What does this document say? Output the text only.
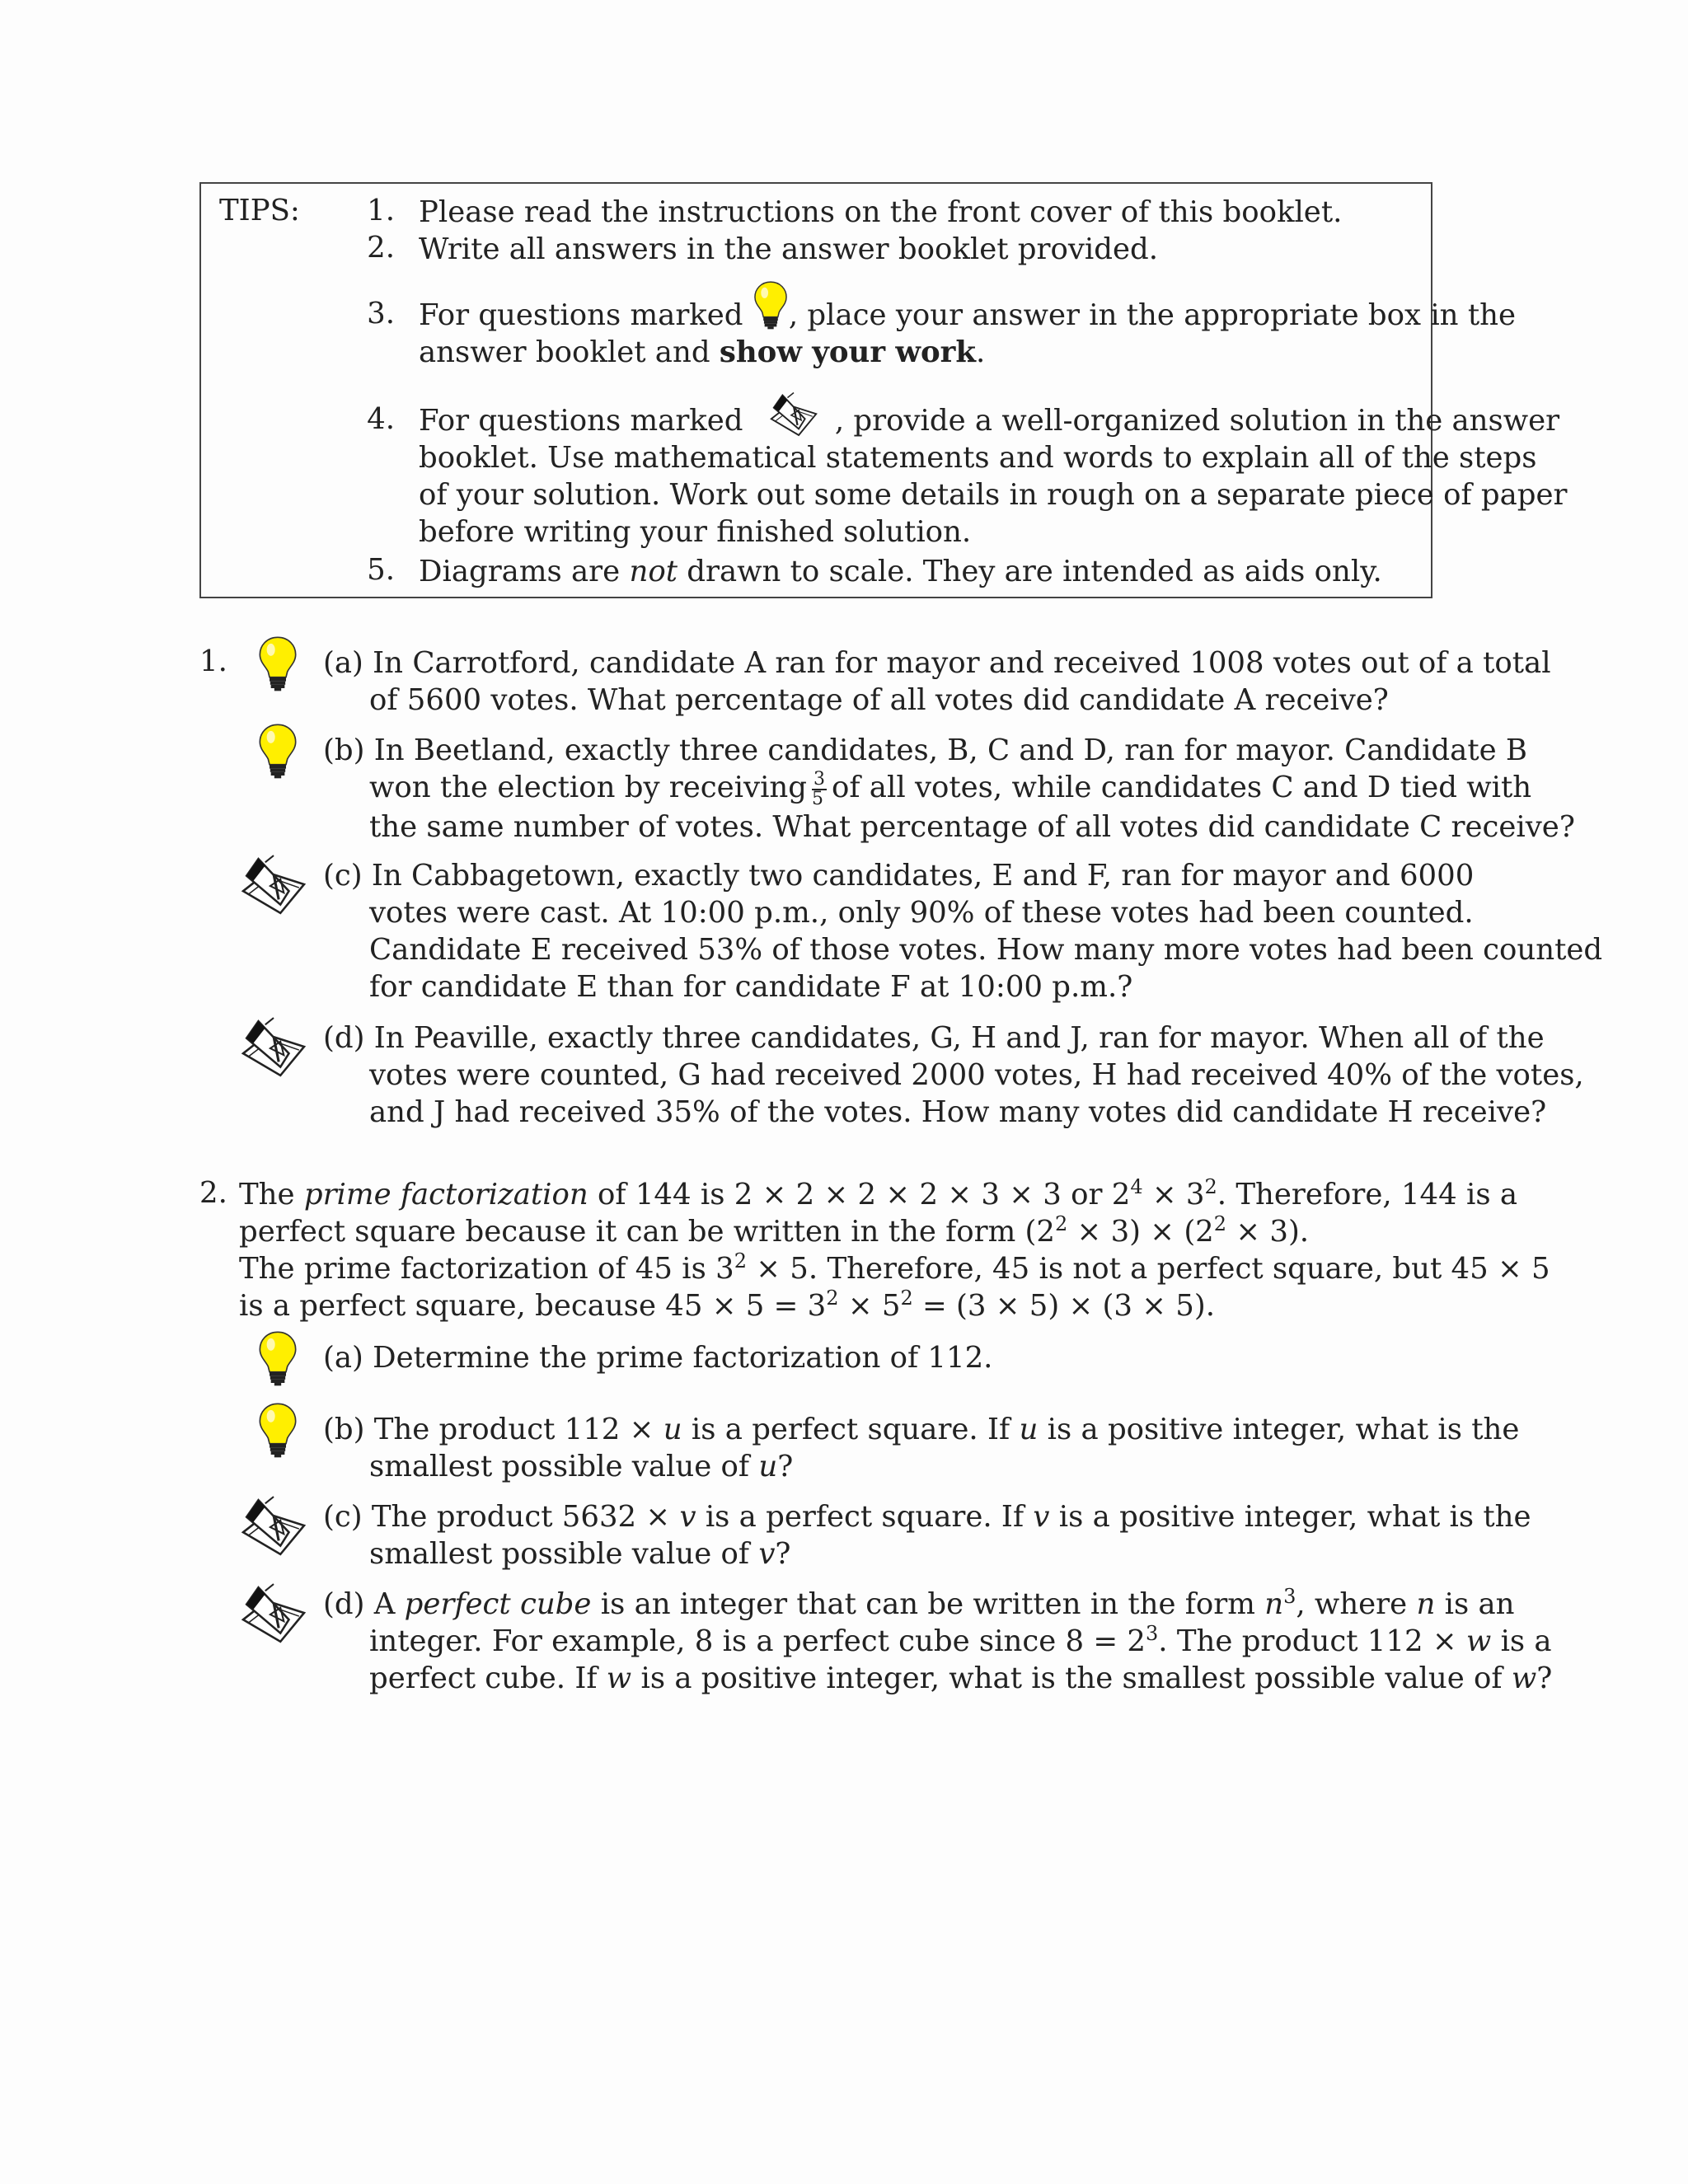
TIPS: 1. Please read the instructions on the front cover of this booklet.
2. Write all answers in the answer booklet provided.
3. For questions marked , place your answer in the appropriate box in the
answer booklet and show your work.
4. For questions marked	, provide a well-organized solution in the answer
booklet. Use mathematical statements and words to explain all of the steps
of your solution. Work out some details in rough on a separate piece of paper
before writing your finished solution.
5. Diagrams are not drawn to scale. They are intended as aids only.
1.	(a) In Carrotford, candidate A ran for mayor and received 1008 votes out of a total
of 5600 votes. What percentage of all votes did candidate A receive?
(b) In Beetland, exactly three candidates, B, C and D, ran for mayor. Candidate B
won the election by receiving $\frac{3}{5}$ of all votes, while candidates C and D tied with
the same number of votes. What percentage of all votes did candidate C receive?
(c) In Cabbagetown, exactly two candidates, E and F, ran for mayor and 6000
votes were cast. At 10:00 p.m., only 90% of these votes had been counted.
Candidate E received 53% of those votes. How many more votes had been counted
for candidate E than for candidate F at 10:00 p.m.?
(d) In Peaville, exactly three candidates, G, H and J, ran for mayor. When all of the
votes were counted, G had received 2000 votes, H had received 40% of the votes,
and J had received 35% of the votes. How many votes did candidate H receive?
2. The prime factorization of 144 is 2 × 2 × 2 × 2 × 3 × 3 or $2^4 \times 3^2$. Therefore, 144 is a
perfect square because it can be written in the form $(2^2 \times 3) \times (2^2 \times 3)$.
The prime factorization of 45 is $3^2 \times 5$. Therefore, 45 is not a perfect square, but 45 × 5
is a perfect square, because $45 \times 5 = 3^2 \times 5^2 = (3 \times 5) \times (3 \times 5)$.
(a) Determine the prime factorization of 112.
(b) The product 112 × u is a perfect square. If u is a positive integer, what is the
smallest possible value of u?
(c) The product 5632 × v is a perfect square. If v is a positive integer, what is the
smallest possible value of v?
(d) A perfect cube is an integer that can be written in the form $n^3$, where n is an
integer. For example, 8 is a perfect cube since $8 = 2^3$. The product 112 × w is a
perfect cube. If w is a positive integer, what is the smallest possible value of w?
